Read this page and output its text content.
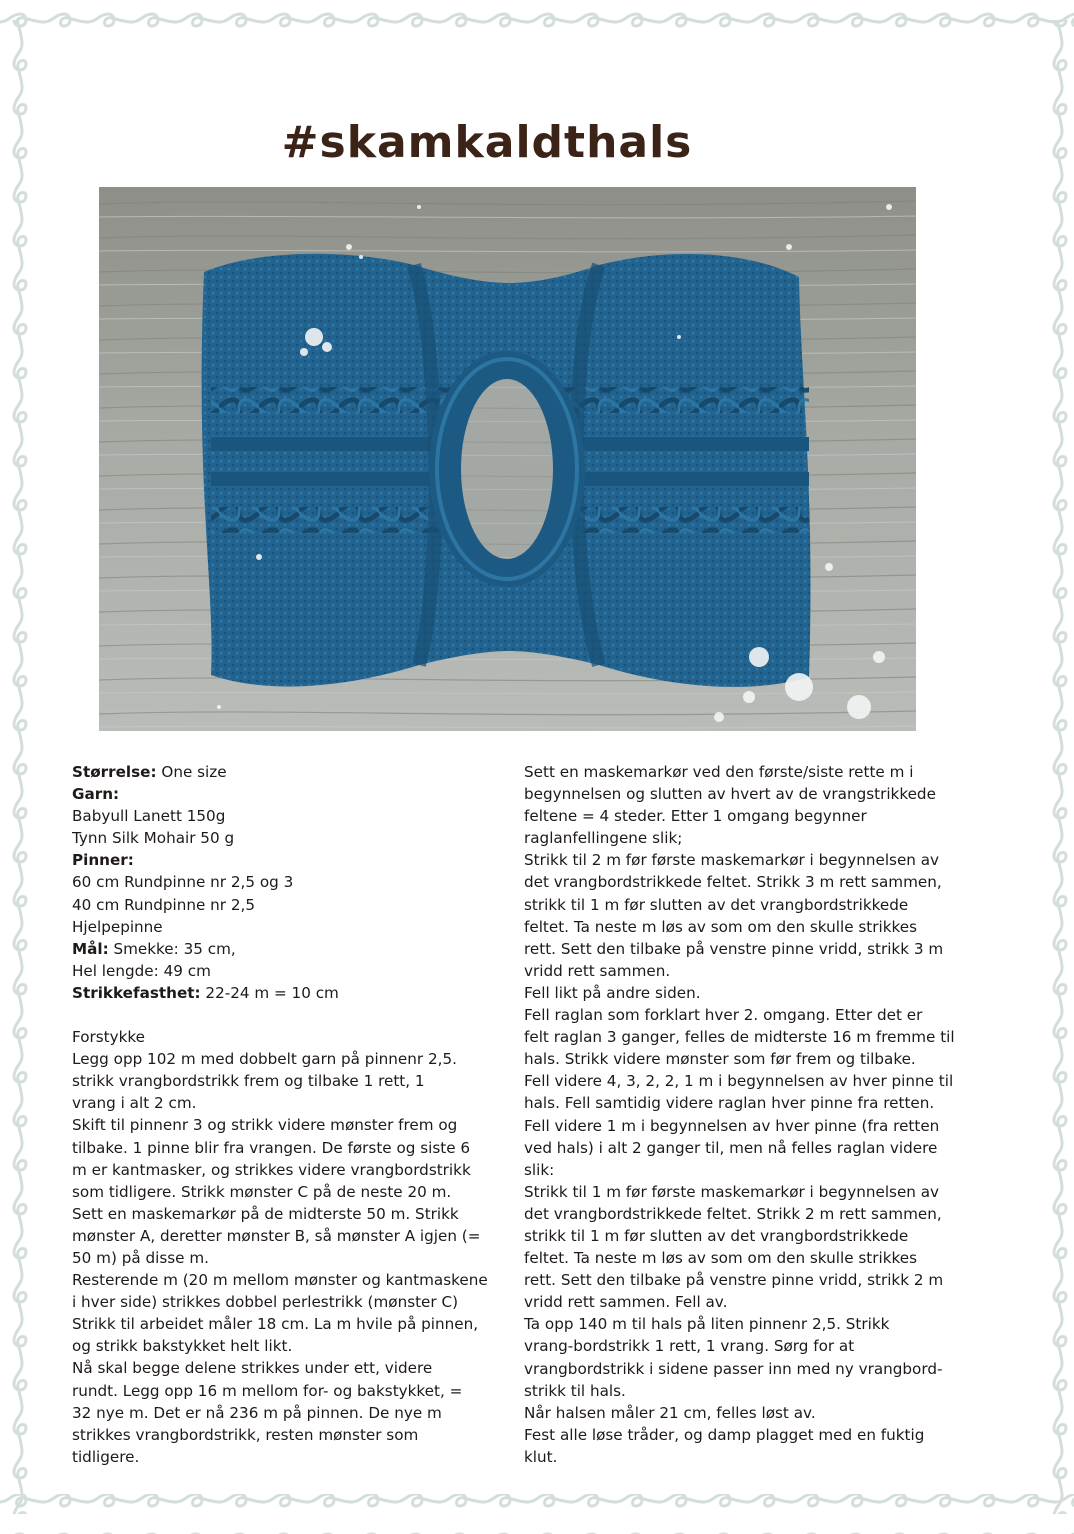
#skamkaldthals

Størrelse: One size

Garn:

Babyull Lanett 150g

Tynn Silk Mohair 50 g

Pinner:

60 cm Rundpinne nr 2,5 og 3

40 cm Rundpinne nr 2,5

Hjelpepinne

Mål: Smekke: 35 cm,

Hel lengde: 49 cm

Strikkefasthet: 22-24 m = 10 cm

Forstykke

Legg opp 102 m med dobbelt garn på pinnenr 2,5.

strikk vrangbordstrikk frem og tilbake 1 rett, 1

vrang i alt 2 cm.

Skift til pinnenr 3 og strikk videre mønster frem og

tilbake. 1 pinne blir fra vrangen. De første og siste 6

m er kantmasker, og strikkes videre vrangbordstrikk

som tidligere. Strikk mønster C på de neste 20 m.

Sett en maskemarkør på de midterste 50 m. Strikk

mønster A, deretter mønster B, så mønster A igjen (=

50 m) på disse m.

Resterende m (20 m mellom mønster og kantmaskene

i hver side) strikkes dobbel perlestrikk (mønster C)

Strikk til arbeidet måler 18 cm. La m hvile på pinnen,

og strikk bakstykket helt likt.

Nå skal begge delene strikkes under ett, videre

rundt. Legg opp 16 m mellom for- og bakstykket, =

32 nye m. Det er nå 236 m på pinnen. De nye m

strikkes vrangbordstrikk, resten mønster som

tidligere.

Sett en maskemarkør ved den første/siste rette m i

begynnelsen og slutten av hvert av de vrangstrikkede

feltene = 4 steder. Etter 1 omgang begynner

raglanfellingene slik;

Strikk til 2 m før første maskemarkør i begynnelsen av

det vrangbordstrikkede feltet. Strikk 3 m rett sammen,

strikk til 1 m før slutten av det vrangbordstrikkede

feltet. Ta neste m løs av som om den skulle strikkes

rett. Sett den tilbake på venstre pinne vridd, strikk 3 m

vridd rett sammen.

Fell likt på andre siden.

Fell raglan som forklart hver 2. omgang. Etter det er

felt raglan 3 ganger, felles de midterste 16 m fremme til

hals. Strikk videre mønster som før frem og tilbake.

Fell videre 4, 3, 2, 2, 1 m i begynnelsen av hver pinne til

hals. Fell samtidig videre raglan hver pinne fra retten.

Fell videre 1 m i begynnelsen av hver pinne (fra retten

ved hals) i alt 2 ganger til, men nå felles raglan videre

slik:

Strikk til 1 m før første maskemarkør i begynnelsen av

det vrangbordstrikkede feltet. Strikk 2 m rett sammen,

strikk til 1 m før slutten av det vrangbordstrikkede

feltet. Ta neste m løs av som om den skulle strikkes

rett. Sett den tilbake på venstre pinne vridd, strikk 2 m

vridd rett sammen. Fell av.

Ta opp 140 m til hals på liten pinnenr 2,5. Strikk

vrang-bordstrikk 1 rett, 1 vrang. Sørg for at

vrangbordstrikk i sidene passer inn med ny vrangbord-

strikk til hals.

Når halsen måler 21 cm, felles løst av.

Fest alle løse tråder, og damp plagget med en fuktig

klut.
